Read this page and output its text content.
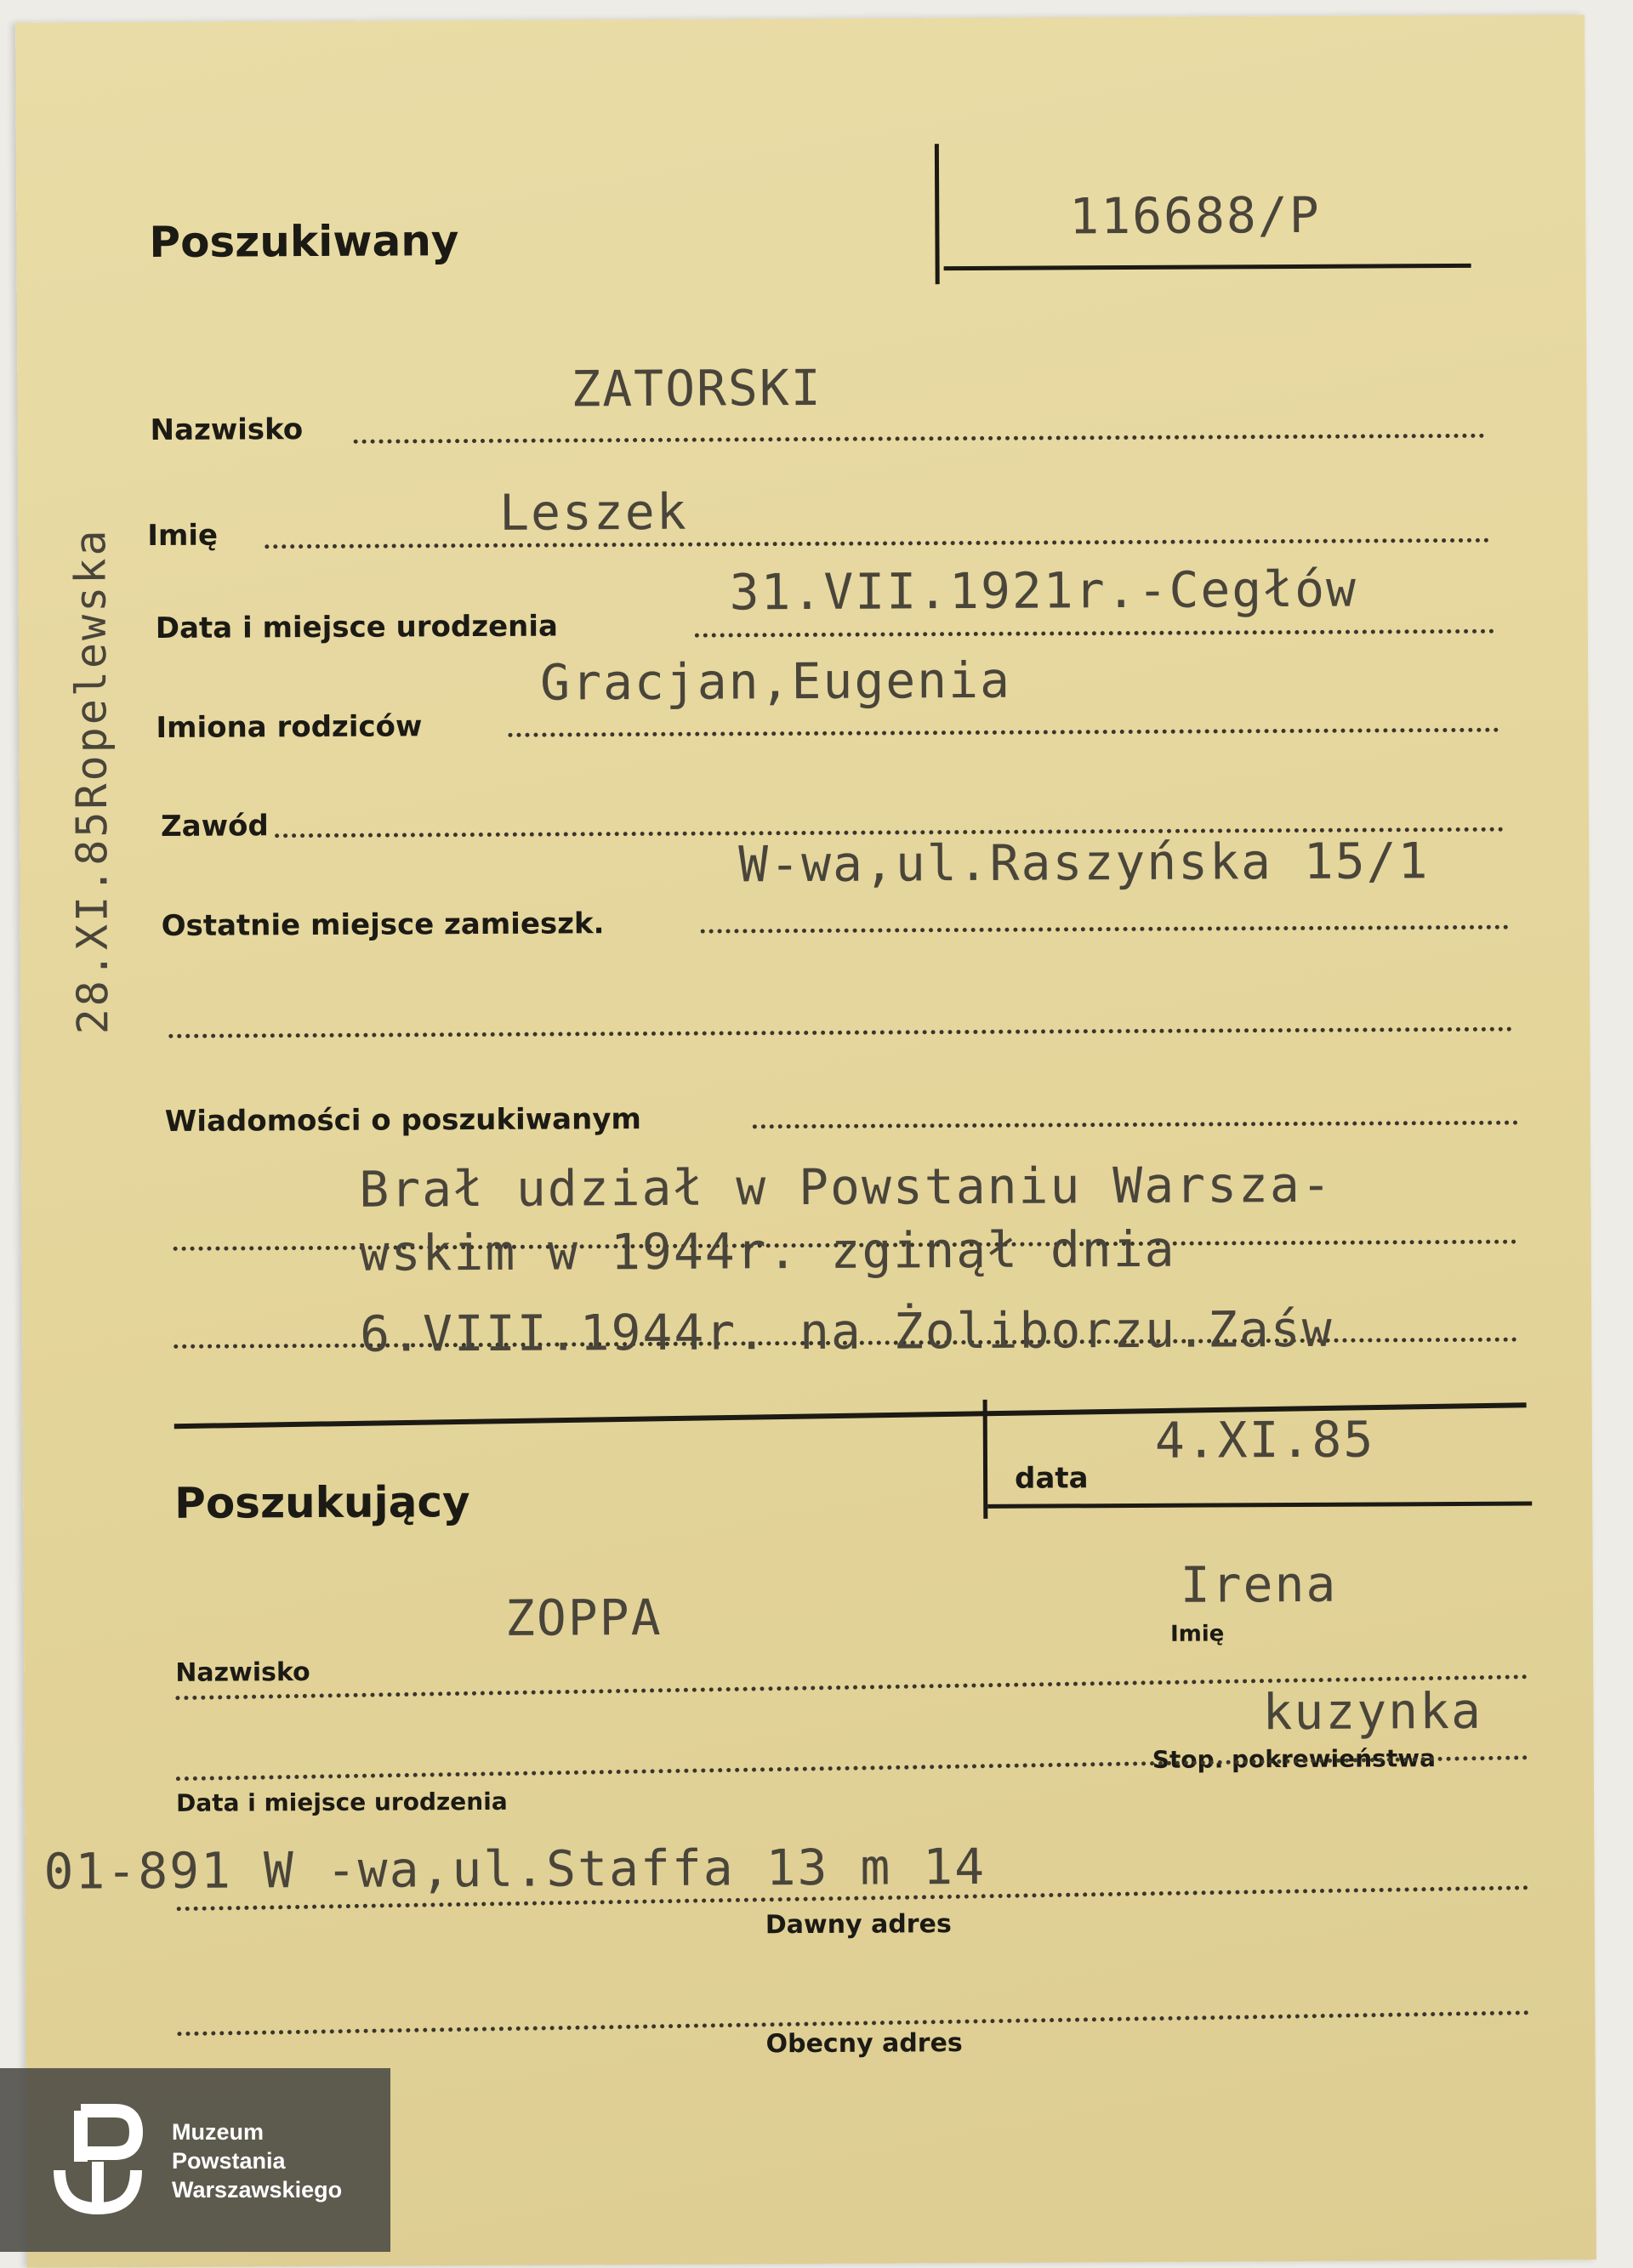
28.XI.85Ropelewska
Poszukiwany	116688/P
Nazwisko
ZATORSKI
Imię	Leszek
Data i miejsce urodzenia
31.VII.1921r.-Cegłów
Imiona rodziców
Gracjan,Eugenia
Zawód
Ostatnie miejsce zamieszk.
W-wa,ul.Raszyńska 15/1
Wiadomości o poszukiwanym
Brał udział w Powstaniu Warsza-
wskim w 1944r. zginął dnia
6.VIII.1944r. na Żoliborzu.Zaśw
data
4.XI.85
Poszukujący
ZOPPA
Irena
Imię
Nazwisko
kuzynka
Stop. pokrewieństwa
Data i miejsce urodzenia
01-891 W -wa,ul.Staffa 13 m 14
Dawny adres
Obecny adres
Muzeum
Powstania
Warszawskiego
